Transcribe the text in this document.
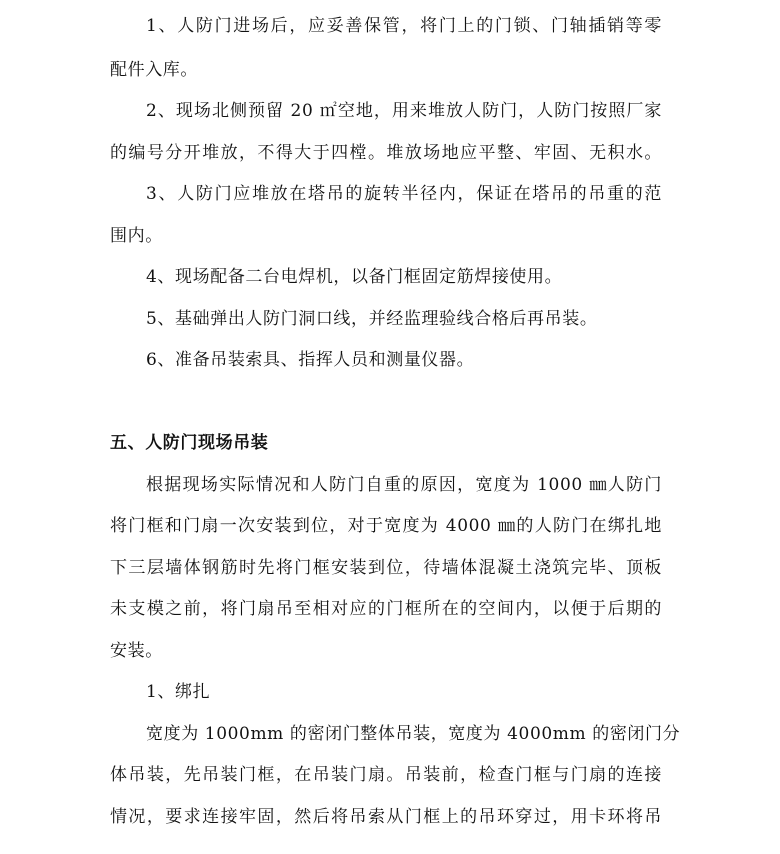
1、人防门进场后，应妥善保管，将门上的门锁、门轴插销等零
配件入库。
2、现场北侧预留 20 ㎡空地，用来堆放人防门，人防门按照厂家
的编号分开堆放，不得大于四樘。堆放场地应平整、牢固、无积水。
3、人防门应堆放在塔吊的旋转半径内，保证在塔吊的吊重的范
围内。
4、现场配备二台电焊机，以备门框固定筋焊接使用。
5、基础弹出人防门洞口线，并经监理验线合格后再吊装。
6、准备吊装索具、指挥人员和测量仪器。
五、人防门现场吊装
根据现场实际情况和人防门自重的原因，宽度为 1000 ㎜人防门
将门框和门扇一次安装到位，对于宽度为 4000 ㎜的人防门在绑扎地
下三层墙体钢筋时先将门框安装到位，待墙体混凝土浇筑完毕、顶板
未支模之前，将门扇吊至相对应的门框所在的空间内，以便于后期的
安装。
1、绑扎
宽度为 1000mm 的密闭门整体吊装，宽度为 4000mm 的密闭门分
体吊装，先吊装门框，在吊装门扇。吊装前，检查门框与门扇的连接
情况，要求连接牢固，然后将吊索从门框上的吊环穿过，用卡环将吊
